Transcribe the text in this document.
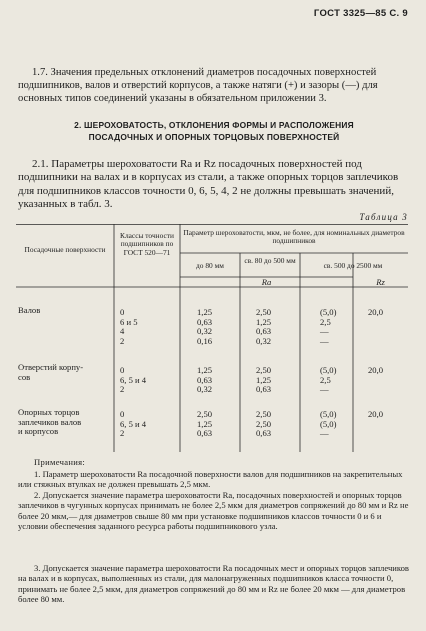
ГОСТ 3325—85 С. 9
1.7. Значения предельных отклонений диаметров посадочных поверхностей подшипников, валов и отверстий корпусов, а также натяги (+) и зазоры (—) для основных типов соединений указаны в обязательном приложении 3.
2. ШЕРОХОВАТОСТЬ, ОТКЛОНЕНИЯ ФОРМЫ И РАСПОЛОЖЕНИЯ
ПОСАДОЧНЫХ И ОПОРНЫХ ТОРЦОВЫХ ПОВЕРХНОСТЕЙ
2.1. Параметры шероховатости Ra и Rz посадочных поверхностей под подшипники на валах и в корпусах из стали, а также опорных торцов заплечиков для подшипников классов точности 0, 6, 5, 4, 2 не должны превышать значений, указанных в табл. 3.
Таблица 3
Посадочные поверхности
Классы точности подшипников по ГОСТ 520—71
Параметр шероховатости, мкм, не более, для номинальных диаметров подшипников
до 80 мм
св. 80 до 500 мм
св. 500 до 2500 мм
Ra	Rz
Валов	0
6 и 5
4
2
1,25
0,63
0,32
0,16
2,50
1,25
0,63
0,32
(5,0)
2,5
—
—
20,0
Отверстий корпу-
сов
0
6, 5 и 4
2
1,25
0,63
0,32
2,50
1,25
0,63
(5,0)
2,5
—
20,0
Опорных торцов
заплечиков валов
и корпусов
0
6, 5 и 4
2
2,50
1,25
0,63
2,50
2,50
0,63
(5,0)
(5,0)
—
20,0
Примечания:
1. Параметр шероховатости Ra посадочной поверхности валов для подшипников на закрепительных или стяжных втулках не должен превышать 2,5 мкм.
2. Допускается значение параметра шероховатости Ra, посадочных поверхностей и опорных торцов заплечиков в чугунных корпусах принимать не более 2,5 мкм для диаметров сопряжений до 80 мм и Rz не более 20 мкм,— для диаметров свыше 80 мм при установке подшипников классов точности 0 и 6 и условии обеспечения заданного ресурса работы подшипникового узла.
3. Допускается значение параметра шероховатости Ra посадочных мест и опорных торцов заплечиков на валах и в корпусах, выполненных из стали, для малонагруженных подшипников класса точности 0, принимать не более 2,5 мкм, для диаметров сопряжений до 80 мм и Rz не более 20 мкм — для диаметров более 80 мм.
